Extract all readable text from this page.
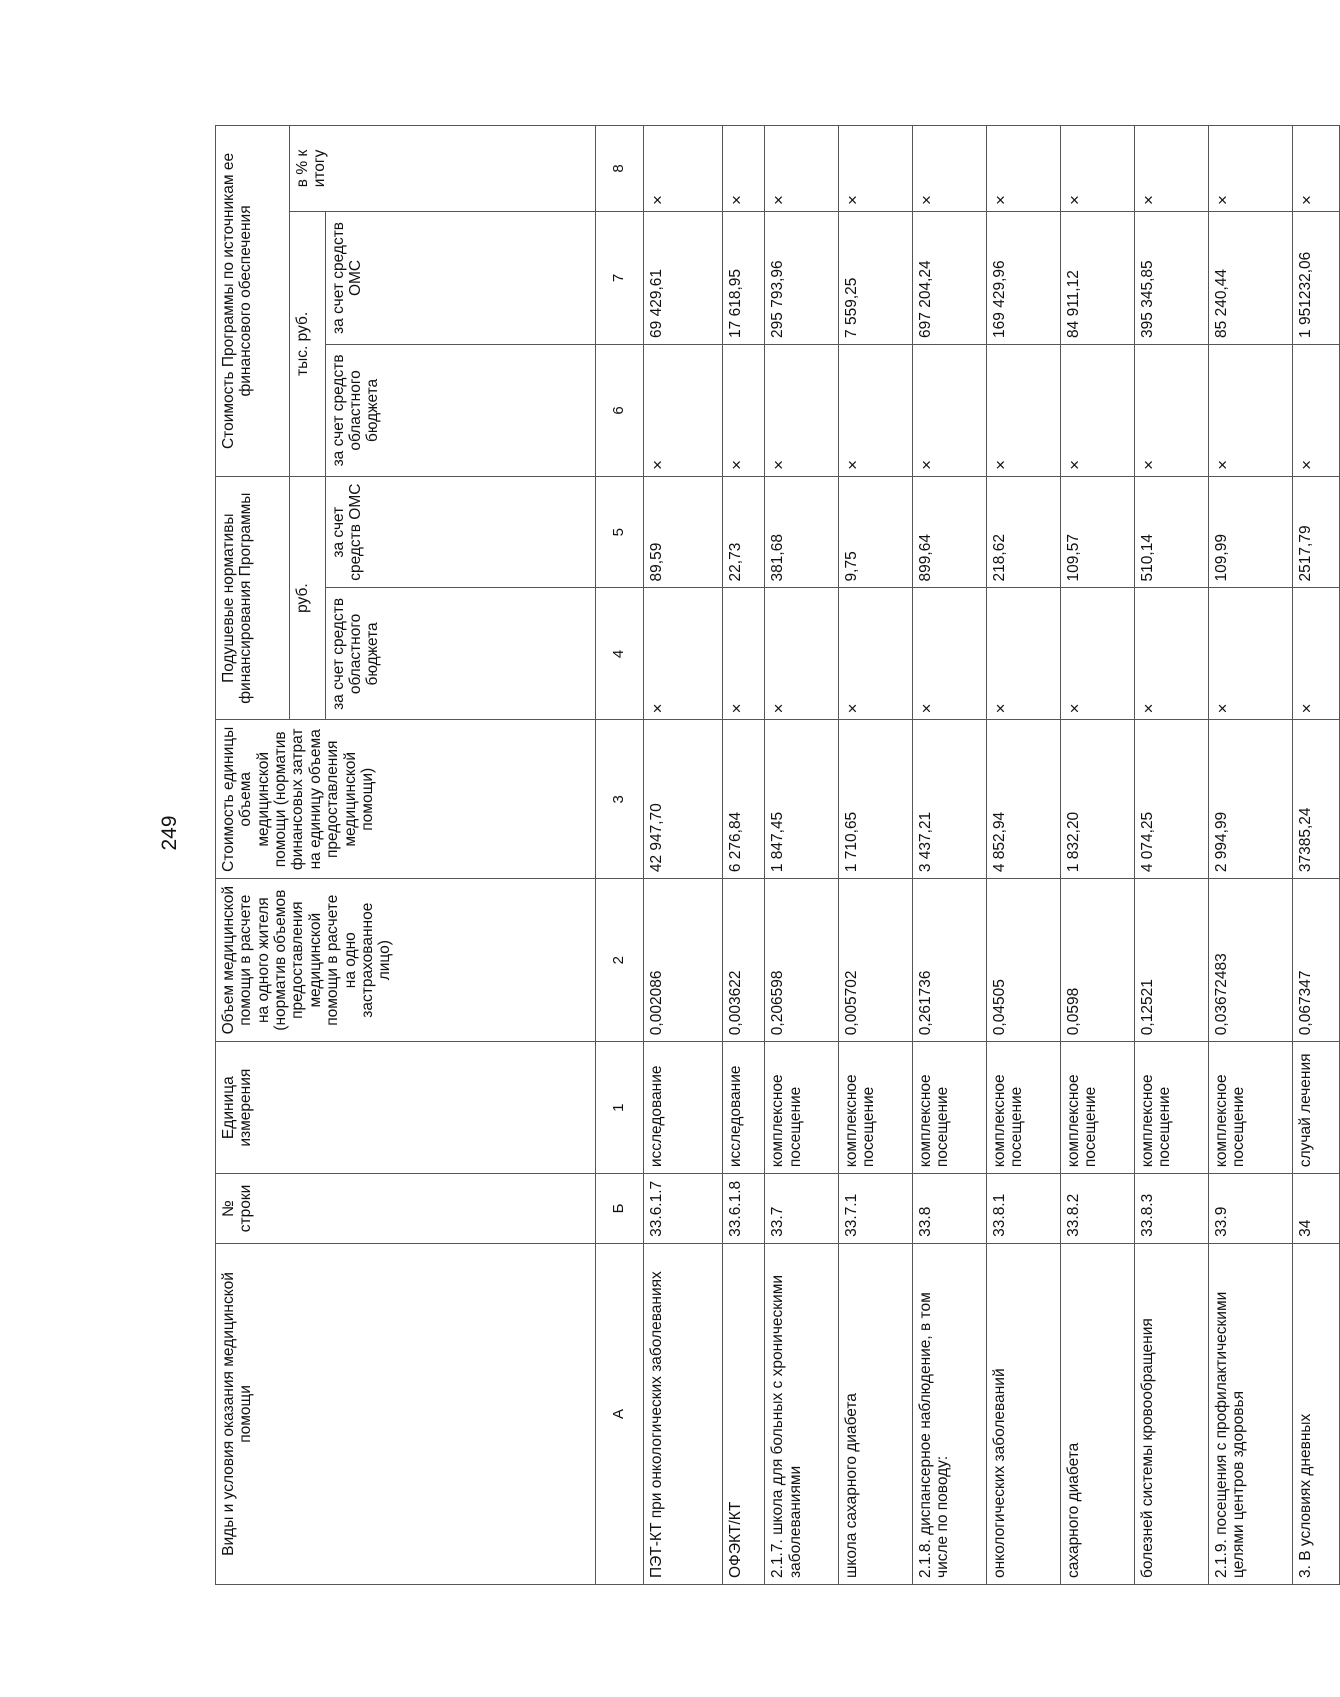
249
Виды и условия оказания медицинской помощи	№ строки	Единица измерения	Объем медицинской помощи в расчете на одного жителя (норматив объемов предоставления медицинской помощи в расчете на одно застрахованное лицо)	Стоимость единицы объема медицинской помощи (норматив финансовых затрат на единицу объема предоставления медицинской помощи)	Подушевые нормативы финансирования Программы		Стоимость Программы по источникам ее финансового обеспечения		
					руб.		тыс. руб.		в % к итогу
					за счет средств областного бюджета	за счет средств ОМС	за счет средств областного бюджета	за счет средств ОМС	
А	Б	1	2	3	4	5	6	7	8
ПЭТ-КТ при онкологических заболеваниях	33.6.1.7	исследование	0,002086	42 947,70	×	89,59	×	69 429,61	×
ОФЭКТ/КТ	33.6.1.8	исследование	0,003622	6 276,84	×	22,73	×	17 618,95	×
2.1.7. школа для больных с хроническими заболеваниями	33.7	комплексное посещение	0,206598	1 847,45	×	381,68	×	295 793,96	×
школа сахарного диабета	33.7.1	комплексное посещение	0,005702	1 710,65	×	9,75	×	7 559,25	×
2.1.8. диспансерное наблюдение, в том числе по поводу:	33.8	комплексное посещение	0,261736	3 437,21	×	899,64	×	697 204,24	×
онкологических заболеваний	33.8.1	комплексное посещение	0,04505	4 852,94	×	218,62	×	169 429,96	×
сахарного диабета	33.8.2	комплексное посещение	0,0598	1 832,20	×	109,57	×	84 911,12	×
болезней системы кровообращения	33.8.3	комплексное посещение	0,12521	4 074,25	×	510,14	×	395 345,85	×
2.1.9. посещения с профилактическими целями центров здоровья	33.9	комплексное посещение	0,03672483	2 994,99	×	109,99	×	85 240,44	×
3. В условиях дневных	34	случай лечения	0,067347	37385,24	×	2517,79	×	1 951232,06	×
